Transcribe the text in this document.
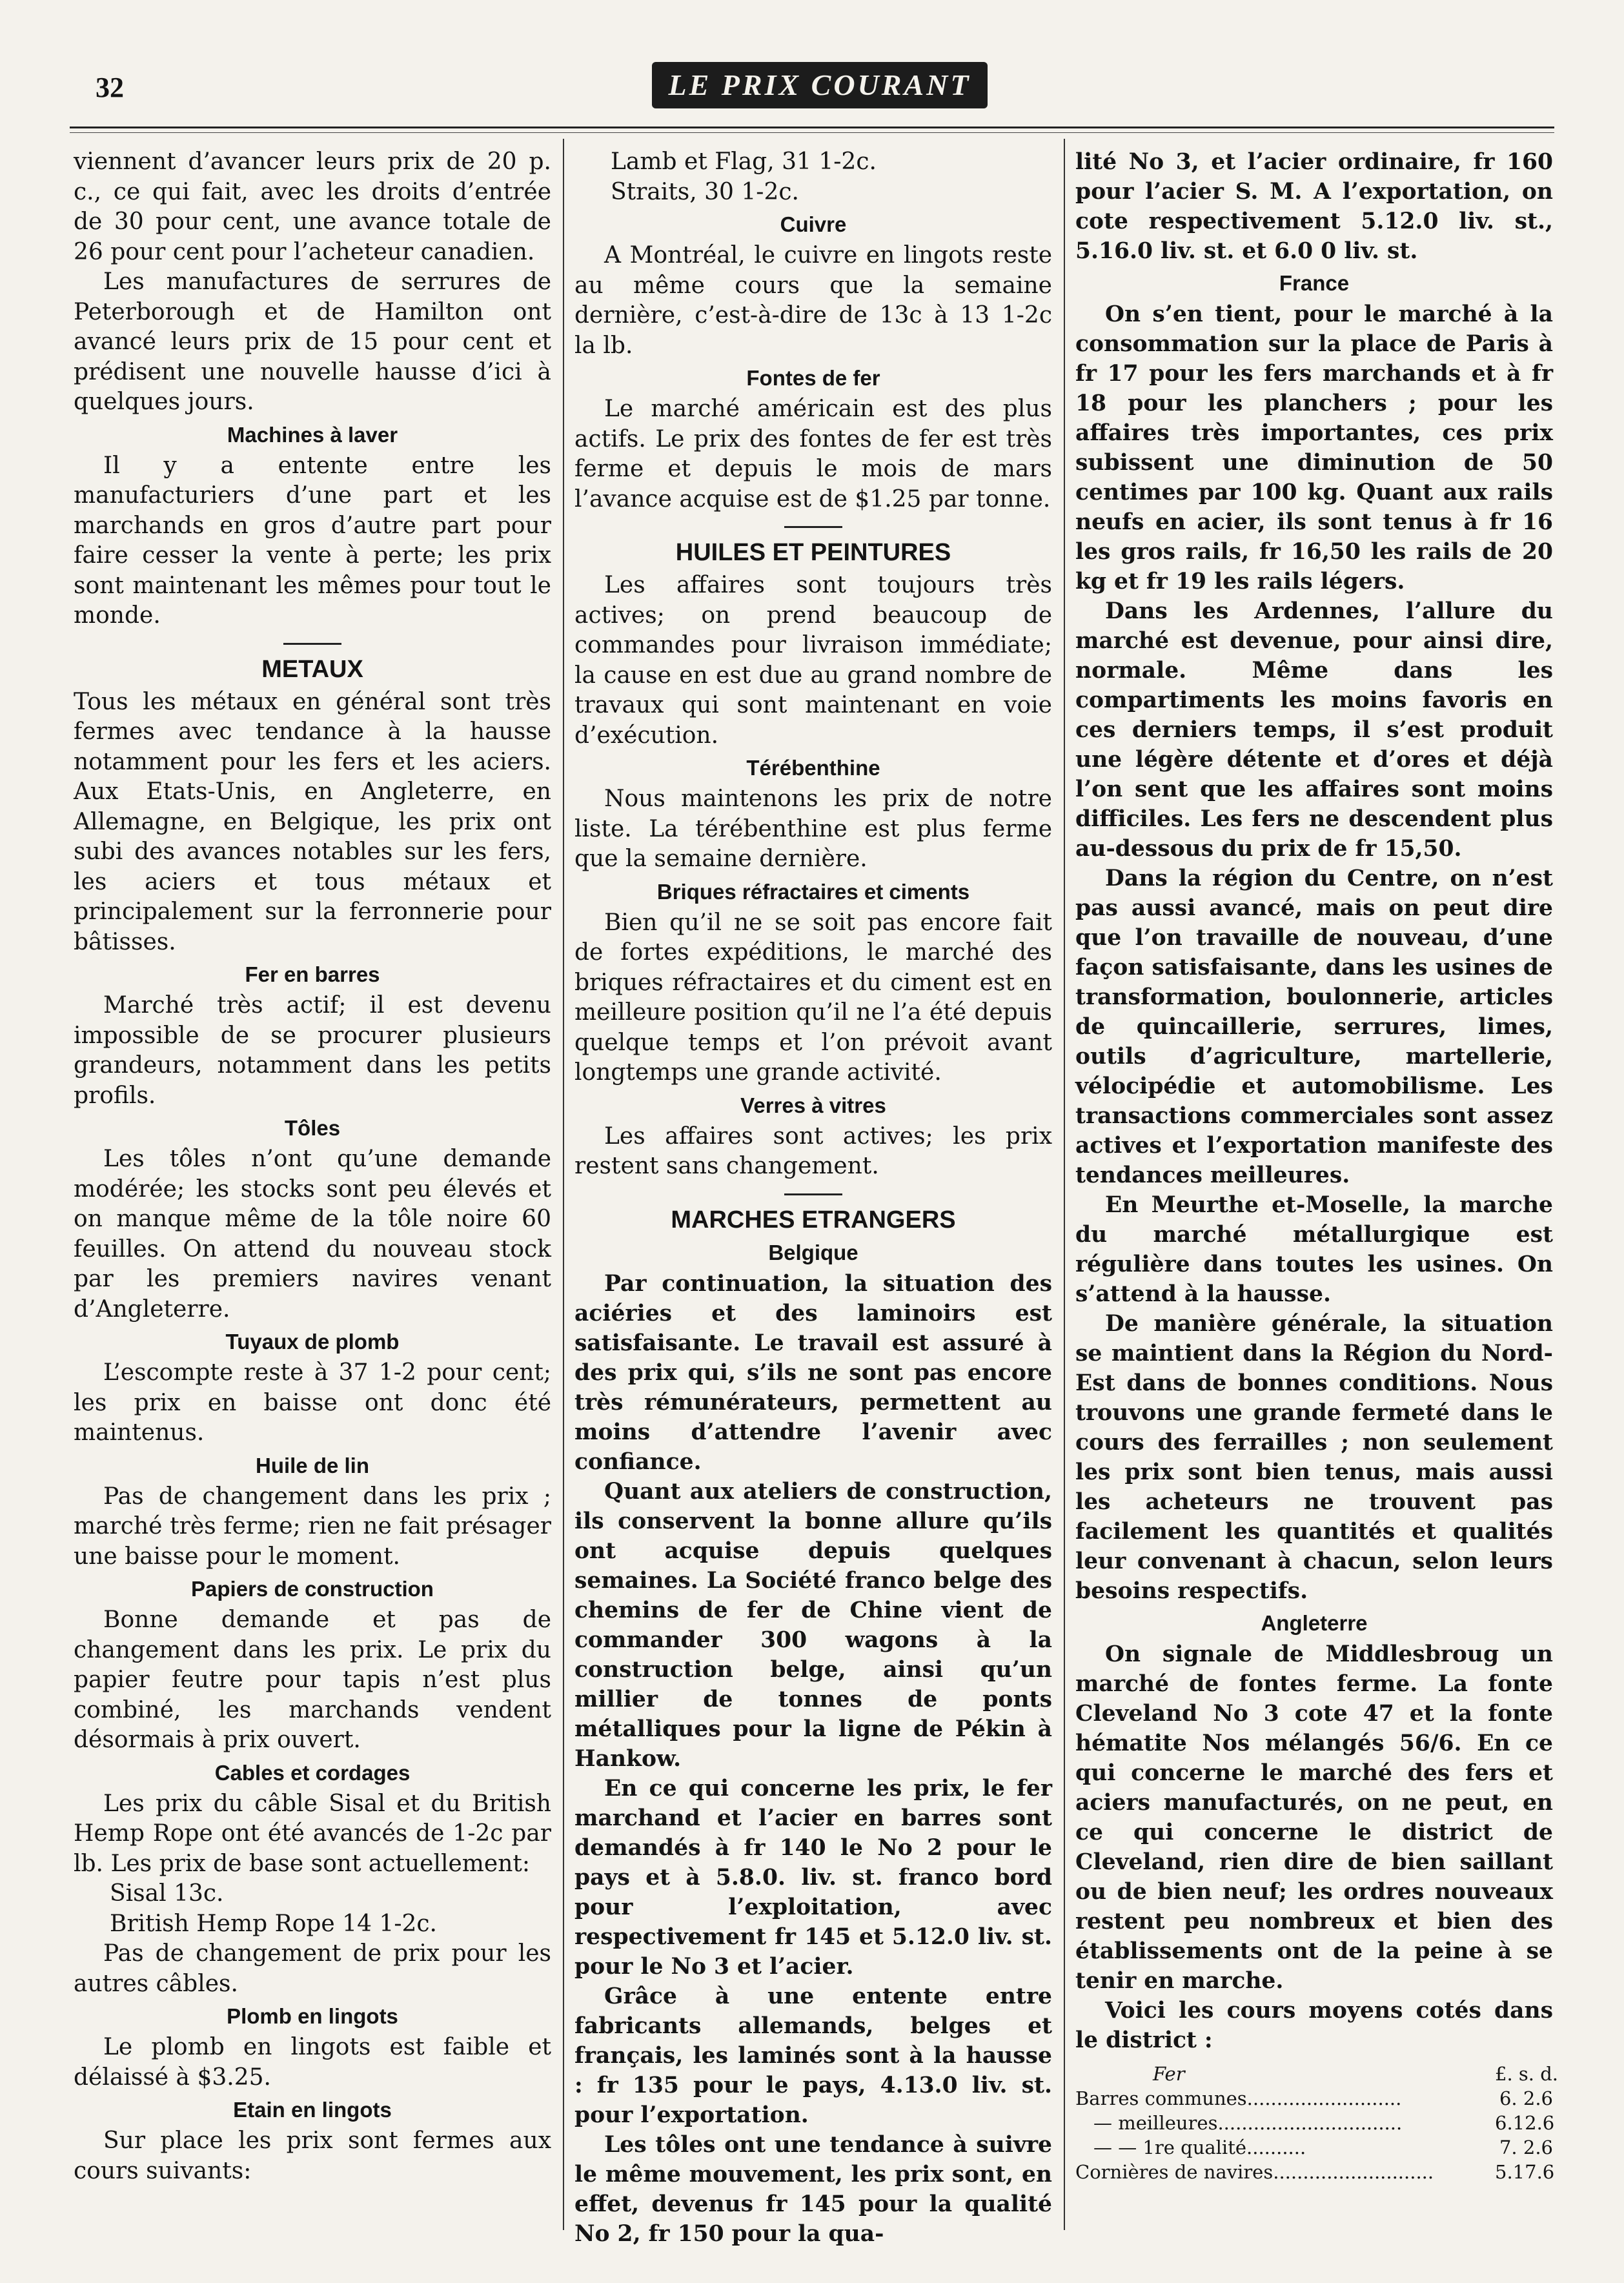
32	LE PRIX COURANT

viennent d’avancer leurs prix de 20 p. c., ce qui fait, avec les droits d’entrée de 30 pour cent, une avance totale de 26 pour cent pour l’acheteur canadien.

Les manufactures de serrures de Peterborough et de Hamilton ont avancé leurs prix de 15 pour cent et prédisent une nouvelle hausse d’ici à quelques jours.

Machines à laver

Il y a entente entre les manufacturiers d’une part et les marchands en gros d’autre part pour faire cesser la vente à perte; les prix sont maintenant les mêmes pour tout le monde.

METAUX

Tous les métaux en général sont très fermes avec tendance à la hausse notamment pour les fers et les aciers. Aux Etats-Unis, en Angleterre, en Allemagne, en Belgique, les prix ont subi des avances notables sur les fers, les aciers et tous métaux et principalement sur la ferronnerie pour bâtisses.

Fer en barres

Marché très actif; il est devenu impossible de se procurer plusieurs grandeurs, notamment dans les petits profils.

Tôles

Les tôles n’ont qu’une demande modérée; les stocks sont peu élevés et on manque même de la tôle noire 60 feuilles. On attend du nouveau stock par les premiers navires venant d’Angleterre.

Tuyaux de plomb

L’escompte reste à 37 1-2 pour cent; les prix en baisse ont donc été maintenus.

Huile de lin

Pas de changement dans les prix ; marché très ferme; rien ne fait présager une baisse pour le moment.

Papiers de construction

Bonne demande et pas de changement dans les prix. Le prix du papier feutre pour tapis n’est plus combiné, les marchands vendent désormais à prix ouvert.

Cables et cordages

Les prix du câble Sisal et du British Hemp Rope ont été avancés de 1-2c par lb. Les prix de base sont actuellement:

Sisal 13c.

British Hemp Rope 14 1-2c.

Pas de changement de prix pour les autres câbles.

Plomb en lingots

Le plomb en lingots est faible et délaissé à $3.25.

Etain en lingots

Sur place les prix sont fermes aux cours suivants:

Lamb et Flag, 31 1-2c.

Straits, 30 1-2c.

Cuivre

A Montréal, le cuivre en lingots reste au même cours que la semaine dernière, c’est-à-dire de 13c à 13 1-2c la lb.

Fontes de fer

Le marché américain est des plus actifs. Le prix des fontes de fer est très ferme et depuis le mois de mars l’avance acquise est de $1.25 par tonne.

HUILES ET PEINTURES

Les affaires sont toujours très actives; on prend beaucoup de commandes pour livraison immédiate; la cause en est due au grand nombre de travaux qui sont maintenant en voie d’exécution.

Térébenthine

Nous maintenons les prix de notre liste. La térébenthine est plus ferme que la semaine dernière.

Briques réfractaires et ciments

Bien qu’il ne se soit pas encore fait de fortes expéditions, le marché des briques réfractaires et du ciment est en meilleure position qu’il ne l’a été depuis quelque temps et l’on prévoit avant longtemps une grande activité.

Verres à vitres

Les affaires sont actives; les prix restent sans changement.

MARCHES ETRANGERS
Belgique

Par continuation, la situation des aciéries et des laminoirs est satisfaisante. Le travail est assuré à des prix qui, s’ils ne sont pas encore très rémunérateurs, permettent au moins d’attendre l’avenir avec confiance.

Quant aux ateliers de construction, ils conservent la bonne allure qu’ils ont acquise depuis quelques semaines. La Société franco belge des chemins de fer de Chine vient de commander 300 wagons à la construction belge, ainsi qu’un millier de tonnes de ponts métalliques pour la ligne de Pékin à Hankow.

En ce qui concerne les prix, le fer marchand et l’acier en barres sont demandés à fr 140 le No 2 pour le pays et à 5.8.0. liv. st. franco bord pour l’exploitation, avec respectivement fr 145 et 5.12.0 liv. st. pour le No 3 et l’acier.

Grâce à une entente entre fabricants allemands, belges et français, les laminés sont à la hausse : fr 135 pour le pays, 4.13.0 liv. st. pour l’exportation.

Les tôles ont une tendance à suivre le même mouvement, les prix sont, en effet, devenus fr 145 pour la qualité No 2, fr 150 pour la qua-

lité No 3, et l’acier ordinaire, fr 160 pour l’acier S. M. A l’exportation, on cote respectivement 5.12.0 liv. st., 5.16.0 liv. st. et 6.0 0 liv. st.

France

On s’en tient, pour le marché à la consommation sur la place de Paris à fr 17 pour les fers marchands et à fr 18 pour les planchers ; pour les affaires très importantes, ces prix subissent une diminution de 50 centimes par 100 kg. Quant aux rails neufs en acier, ils sont tenus à fr 16 les gros rails, fr 16,50 les rails de 20 kg et fr 19 les rails légers.

Dans les Ardennes, l’allure du marché est devenue, pour ainsi dire, normale. Même dans les compartiments les moins favoris en ces derniers temps, il s’est produit une légère détente et d’ores et déjà l’on sent que les affaires sont moins difficiles. Les fers ne descendent plus au-dessous du prix de fr 15,50.

Dans la région du Centre, on n’est pas aussi avancé, mais on peut dire que l’on travaille de nouveau, d’une façon satisfaisante, dans les usines de transformation, boulonnerie, articles de quincaillerie, serrures, limes, outils d’agriculture, martellerie, vélocipédie et automobilisme. Les transactions commerciales sont assez actives et l’exportation manifeste des tendances meilleures.

En Meurthe et-Moselle, la marche du marché métallurgique est régulière dans toutes les usines. On s’attend à la hausse.

De manière générale, la situation se maintient dans la Région du Nord-Est dans de bonnes conditions. Nous trouvons une grande fermeté dans le cours des ferrailles ; non seulement les prix sont bien tenus, mais aussi les acheteurs ne trouvent pas facilement les quantités et qualités leur convenant à chacun, selon leurs besoins respectifs.

Angleterre

On signale de Middlesbroug un marché de fontes ferme. La fonte Cleveland No 3 cote 47 et la fonte hématite Nos mélangés 56/6. En ce qui concerne le marché des fers et aciers manufacturés, on ne peut, en ce qui concerne le district de Cleveland, rien dire de bien saillant ou de bien neuf; les ordres nouveaux restent peu nombreux et bien des établissements ont de la peine à se tenir en marche.

Voici les cours moyens cotés dans le district :

Fer	£. s. d.
Barres communes..........................	6. 2.6
— meilleures...............................	6.12.6
— — 1re qualité..........	7. 2.6
Cornières de navires...........................	5.17.6
